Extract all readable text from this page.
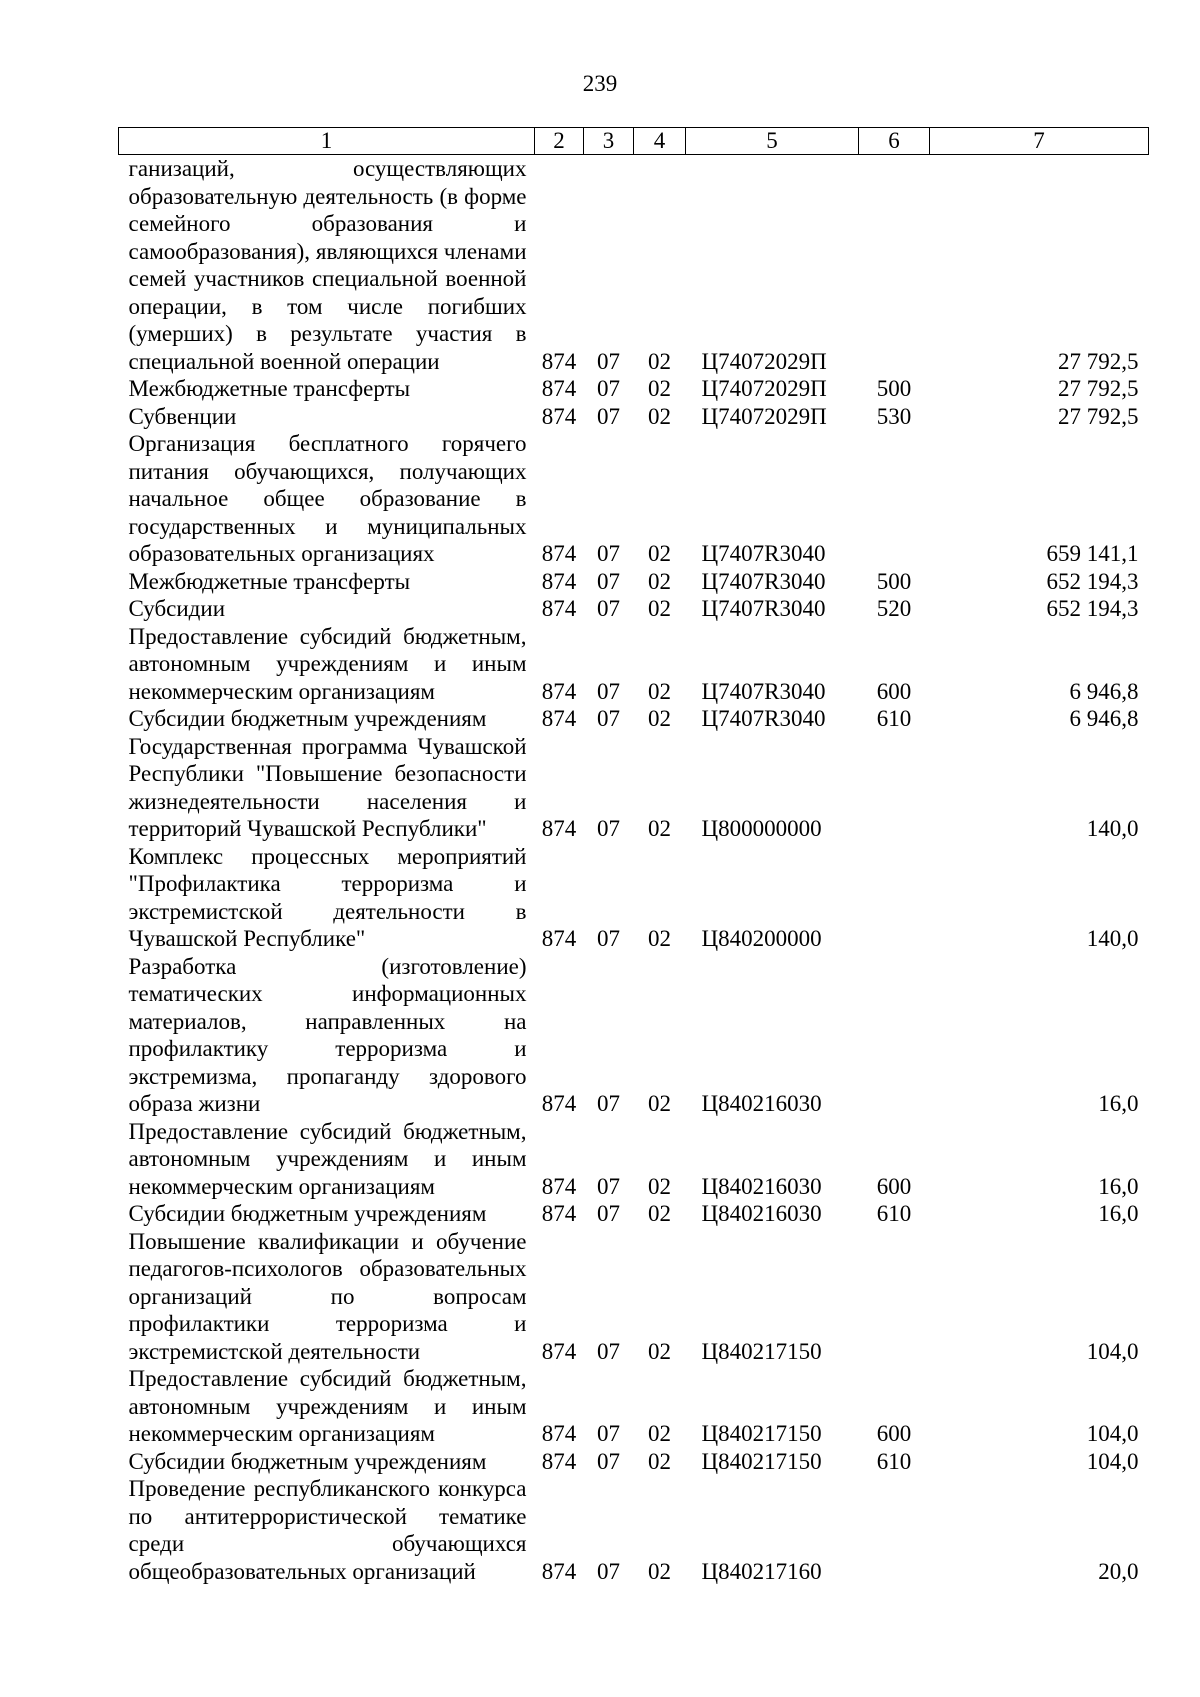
239
1	2	3	4	5	6	7
ганизаций, осуществляющих образовательную деятельность (в форме семейного образования и самообразования), являющихся членами семей участников специальной военной операции, в том числе погибших (умерших) в результате участия в специальной военной операции	874	07	02	Ц74072029П		27 792,5
Межбюджетные трансферты	874	07	02	Ц74072029П	500	27 792,5
Субвенции	874	07	02	Ц74072029П	530	27 792,5
Организация бесплатного горячего питания обучающихся, получающих начальное общее образование в государственных и муниципальных образовательных организациях	874	07	02	Ц7407R3040		659 141,1
Межбюджетные трансферты	874	07	02	Ц7407R3040	500	652 194,3
Субсидии	874	07	02	Ц7407R3040	520	652 194,3
Предоставление субсидий бюджетным, автономным учреждениям и иным некоммерческим организациям	874	07	02	Ц7407R3040	600	6 946,8
Субсидии бюджетным учреждениям	874	07	02	Ц7407R3040	610	6 946,8
Государственная программа Чувашской Республики "Повышение безопасности жизнедеятельности населения и территорий Чувашской Республики"	874	07	02	Ц800000000		140,0
Комплекс процессных мероприятий "Профилактика терроризма и экстремистской деятельности в Чувашской Республике"	874	07	02	Ц840200000		140,0
Разработка (изготовление) тематических информационных материалов, направленных на профилактику терроризма и экстремизма, пропаганду здорового образа жизни	874	07	02	Ц840216030		16,0
Предоставление субсидий бюджетным, автономным учреждениям и иным некоммерческим организациям	874	07	02	Ц840216030	600	16,0
Субсидии бюджетным учреждениям	874	07	02	Ц840216030	610	16,0
Повышение квалификации и обучение педагогов-психологов образовательных организаций по вопросам профилактики терроризма и экстремистской деятельности	874	07	02	Ц840217150		104,0
Предоставление субсидий бюджетным, автономным учреждениям и иным некоммерческим организациям	874	07	02	Ц840217150	600	104,0
Субсидии бюджетным учреждениям	874	07	02	Ц840217150	610	104,0
Проведение республиканского конкурса по антитеррористической тематике среди обучающихся общеобразовательных организаций	874	07	02	Ц840217160		20,0
